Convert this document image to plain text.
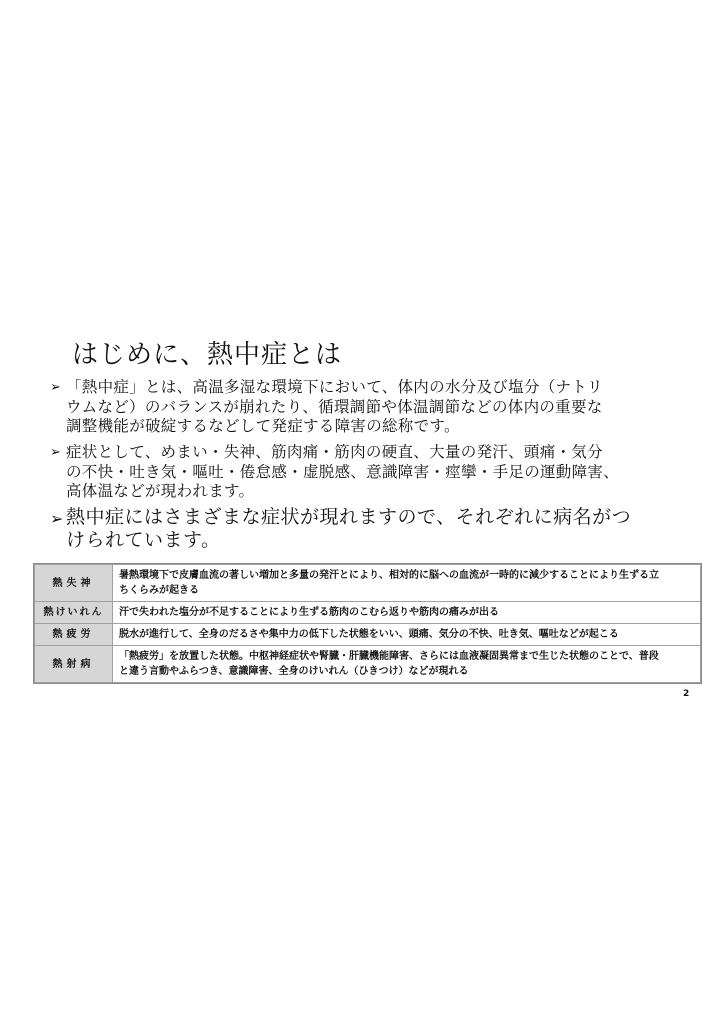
はじめに、熱中症とは
➢ 「熱中症」とは、高温多湿な環境下において、体内の水分及び塩分（ナトリ
ウムなど）のバランスが崩れたり、循環調節や体温調節などの体内の重要な
調整機能が破綻するなどして発症する障害の総称です。
➢ 症状として、めまい・失神、筋肉痛・筋肉の硬直、大量の発汗、頭痛・気分
の不快・吐き気・嘔吐・倦怠感・虚脱感、意識障害・痙攣・手足の運動障害、
高体温などが現われます。
➢ 熱中症にはさまざまな症状が現れますので、それぞれに病名がつ
けられています。
熱失神	暑熱環境下で皮膚血流の著しい増加と多量の発汗とにより、相対的に脳への血流が一時的に減少することにより生ずる立
ちくらみが起きる
熱けいれん	汗で失われた塩分が不足することにより生ずる筋肉のこむら返りや筋肉の痛みが出る
熱疲労	脱水が進行して、全身のだるさや集中力の低下した状態をいい、頭痛、気分の不快、吐き気、嘔吐などが起こる
熱射病	「熱疲労」を放置した状態。中枢神経症状や腎臓・肝臓機能障害、さらには血液凝固異常まで生じた状態のことで、普段
と違う言動やふらつき、意識障害、全身のけいれん（ひきつけ）などが現れる
2
